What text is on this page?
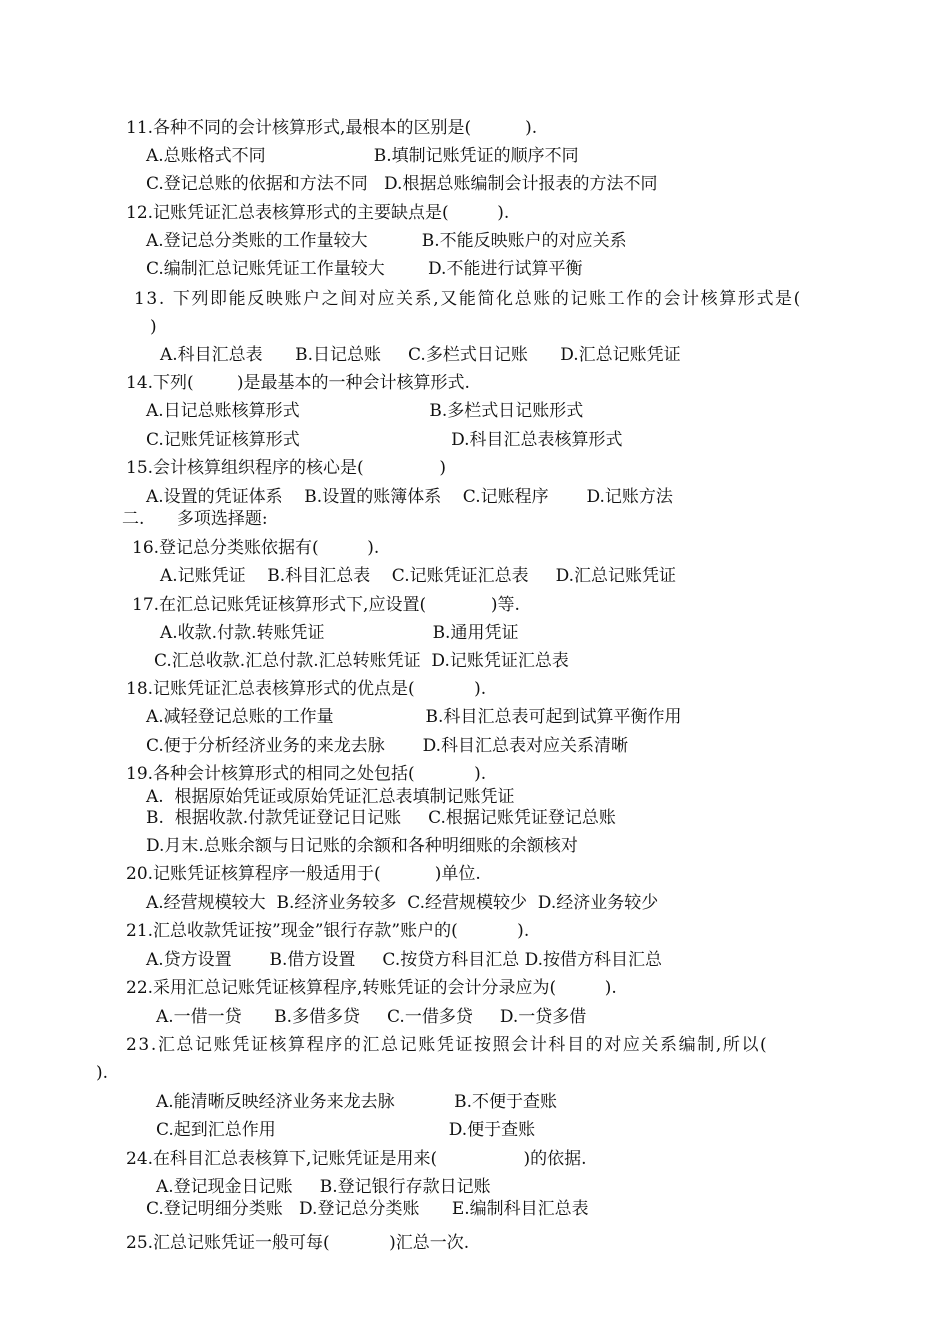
11.各种不同的会计核算形式,最根本的区别是(          ).
A.总账格式不同                    B.填制记账凭证的顺序不同
C.登记总账的依据和方法不同   D.根据总账编制会计报表的方法不同
12.记账凭证汇总表核算形式的主要缺点是(         ).
A.登记总分类账的工作量较大          B.不能反映账户的对应关系
C.编制汇总记账凭证工作量较大        D.不能进行试算平衡
13. 下列即能反映账户之间对应关系,又能简化总账的记账工作的会计核算形式是(
)
A.科目汇总表      B.日记总账     C.多栏式日记账      D.汇总记账凭证
14.下列(        )是最基本的一种会计核算形式.
A.日记总账核算形式                        B.多栏式日记账形式
C.记账凭证核算形式                            D.科目汇总表核算形式
15.会计核算组织程序的核心是(              )
A.设置的凭证体系    B.设置的账簿体系    C.记账程序       D.记账方法
二.      多项选择题:
16.登记总分类账依据有(         ).
A.记账凭证    B.科目汇总表    C.记账凭证汇总表     D.汇总记账凭证
17.在汇总记账凭证核算形式下,应设置(            )等.
A.收款.付款.转账凭证                    B.通用凭证
C.汇总收款.汇总付款.汇总转账凭证  D.记账凭证汇总表
18.记账凭证汇总表核算形式的优点是(           ).
A.减轻登记总账的工作量                 B.科目汇总表可起到试算平衡作用
C.便于分析经济业务的来龙去脉       D.科目汇总表对应关系清晰
19.各种会计核算形式的相同之处包括(           ).
A.  根据原始凭证或原始凭证汇总表填制记账凭证
B.  根据收款.付款凭证登记日记账     C.根据记账凭证登记总账
D.月末.总账余额与日记账的余额和各种明细账的余额核对
20.记账凭证核算程序一般适用于(          )单位.
A.经营规模较大  B.经济业务较多  C.经营规模较少  D.经济业务较少
21.汇总收款凭证按”现金”银行存款”账户的(           ).
A.贷方设置       B.借方设置     C.按贷方科目汇总 D.按借方科目汇总
22.采用汇总记账凭证核算程序,转账凭证的会计分录应为(         ).
A.一借一贷      B.多借多贷     C.一借多贷     D.一贷多借
23.汇总记账凭证核算程序的汇总记账凭证按照会计科目的对应关系编制,所以(
).
A.能清晰反映经济业务来龙去脉           B.不便于查账
C.起到汇总作用                                D.便于查账
24.在科目汇总表核算下,记账凭证是用来(                )的依据.
A.登记现金日记账     B.登记银行存款日记账
C.登记明细分类账   D.登记总分类账      E.编制科目汇总表
25.汇总记账凭证一般可每(           )汇总一次.
